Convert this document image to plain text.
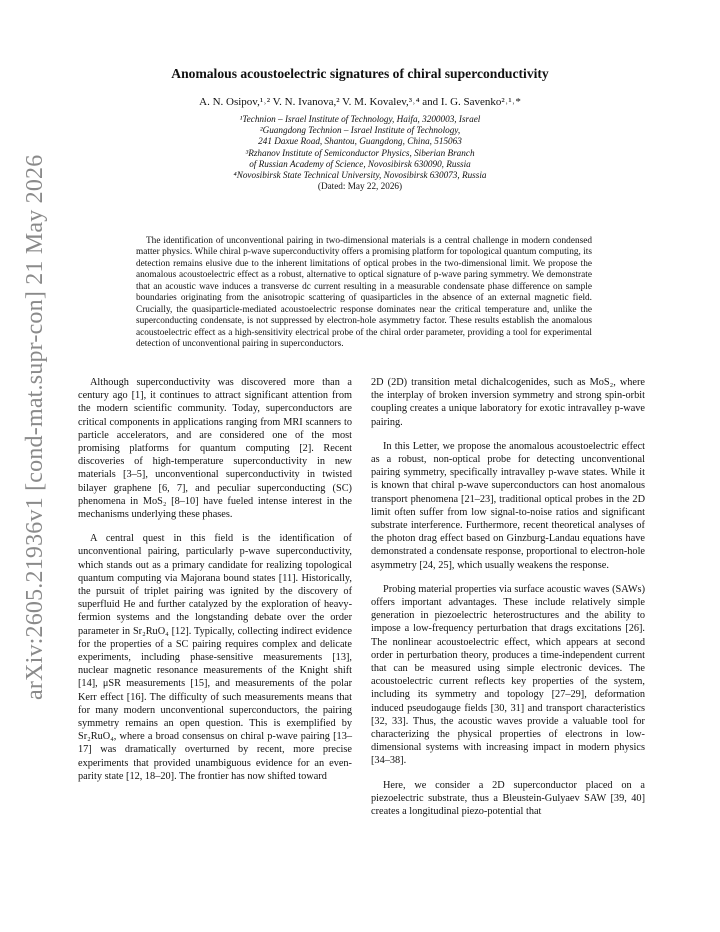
arXiv:2605.21936v1 [cond-mat.supr-con] 21 May 2026
Anomalous acoustoelectric signatures of chiral superconductivity
A. N. Osipov,¹˒² V. N. Ivanova,² V. M. Kovalev,³˒⁴ and I. G. Savenko²˒¹˒*
¹Technion – Israel Institute of Technology, Haifa, 3200003, Israel
²Guangdong Technion – Israel Institute of Technology,
241 Daxue Road, Shantou, Guangdong, China, 515063
³Rzhanov Institute of Semiconductor Physics, Siberian Branch
of Russian Academy of Science, Novosibirsk 630090, Russia
⁴Novosibirsk State Technical University, Novosibirsk 630073, Russia
(Dated: May 22, 2026)
The identification of unconventional pairing in two-dimensional materials is a central challenge in modern condensed matter physics. While chiral p-wave superconductivity offers a promising platform for topological quantum computing, its detection remains elusive due to the inherent limitations of optical probes in the two-dimensional limit. We propose the anomalous acoustoelectric effect as a robust, alternative to optical signature of p-wave paring symmetry. We demonstrate that an acoustic wave induces a transverse dc current resulting in a measurable condensate phase difference on sample boundaries originating from the anisotropic scattering of quasiparticles in the absence of an external magnetic field. Crucially, the quasiparticle-mediated acoustoelectric response dominates near the critical temperature and, unlike the superconducting condensate, is not suppressed by electron-hole asymmetry factor. These results establish the anomalous acoustoelectric effect as a high-sensitivity electrical probe of the chiral order parameter, providing a tool for experimental detection of unconventional pairing in superconductors.

Although superconductivity was discovered more than a century ago [1], it continues to attract significant attention from the modern scientific community. Today, superconductors are critical components in applications ranging from MRI scanners to particle accelerators, and are considered one of the most promising platforms for quantum computing [2]. Recent discoveries of high-temperature superconductivity in new materials [3–5], unconventional superconductivity in twisted bilayer graphene [6, 7], and peculiar superconducting (SC) phenomena in MoS₂ [8–10] have fueled intense interest in the mechanisms underlying these phases.

A central quest in this field is the identification of unconventional pairing, particularly p-wave superconductivity, which stands out as a primary candidate for realizing topological quantum computing via Majorana bound states [11]. Historically, the pursuit of triplet pairing was ignited by the discovery of superfluid He and further catalyzed by the exploration of heavy-fermion systems and the longstanding debate over the order parameter in Sr₂RuO₄ [12]. Typically, collecting indirect evidence for the properties of a SC pairing requires complex and delicate experiments, including phase-sensitive measurements [13], nuclear magnetic resonance measurements of the Knight shift [14], μSR measurements [15], and measurements of the polar Kerr effect [16]. The difficulty of such measurements means that for many modern unconventional superconductors, the pairing symmetry remains an open question. This is exemplified by Sr₂RuO₄, where a broad consensus on chiral p-wave pairing [13–17] was dramatically overturned by recent, more precise experiments that provided unambiguous evidence for an even-parity state [12, 18–20]. The frontier has now shifted toward

2D (2D) transition metal dichalcogenides, such as MoS₂, where the interplay of broken inversion symmetry and strong spin-orbit coupling creates a unique laboratory for exotic intravalley p-wave pairing.

In this Letter, we propose the anomalous acoustoelectric effect as a robust, non-optical probe for detecting unconventional pairing symmetry, specifically intravalley p-wave states. While it is known that chiral p-wave superconductors can host anomalous transport phenomena [21–23], traditional optical probes in the 2D limit often suffer from low signal-to-noise ratios and significant substrate interference. Furthermore, recent theoretical analyses of the photon drag effect based on Ginzburg-Landau equations have demonstrated a condensate response, proportional to electron-hole asymmetry [24, 25], which usually weakens the response.

Probing material properties via surface acoustic waves (SAWs) offers important advantages. These include relatively simple generation in piezoelectric heterostructures and the ability to impose a low-frequency perturbation that drags excitations [26]. The nonlinear acoustoelectric effect, which appears at second order in perturbation theory, produces a time-independent current that can be measured using simple electronic devices. The acoustoelectric current reflects key properties of the system, including its symmetry and topology [27–29], deformation induced pseudogauge fields [30, 31] and transport characteristics [32, 33]. Thus, the acoustic waves provide a valuable tool for characterizing the physical properties of electrons in low-dimensional systems with increasing impact in modern physics [34–38].

Here, we consider a 2D superconductor placed on a piezoelectric substrate, thus a Bleustein-Gulyaev SAW [39, 40] creates a longitudinal piezo-potential that
